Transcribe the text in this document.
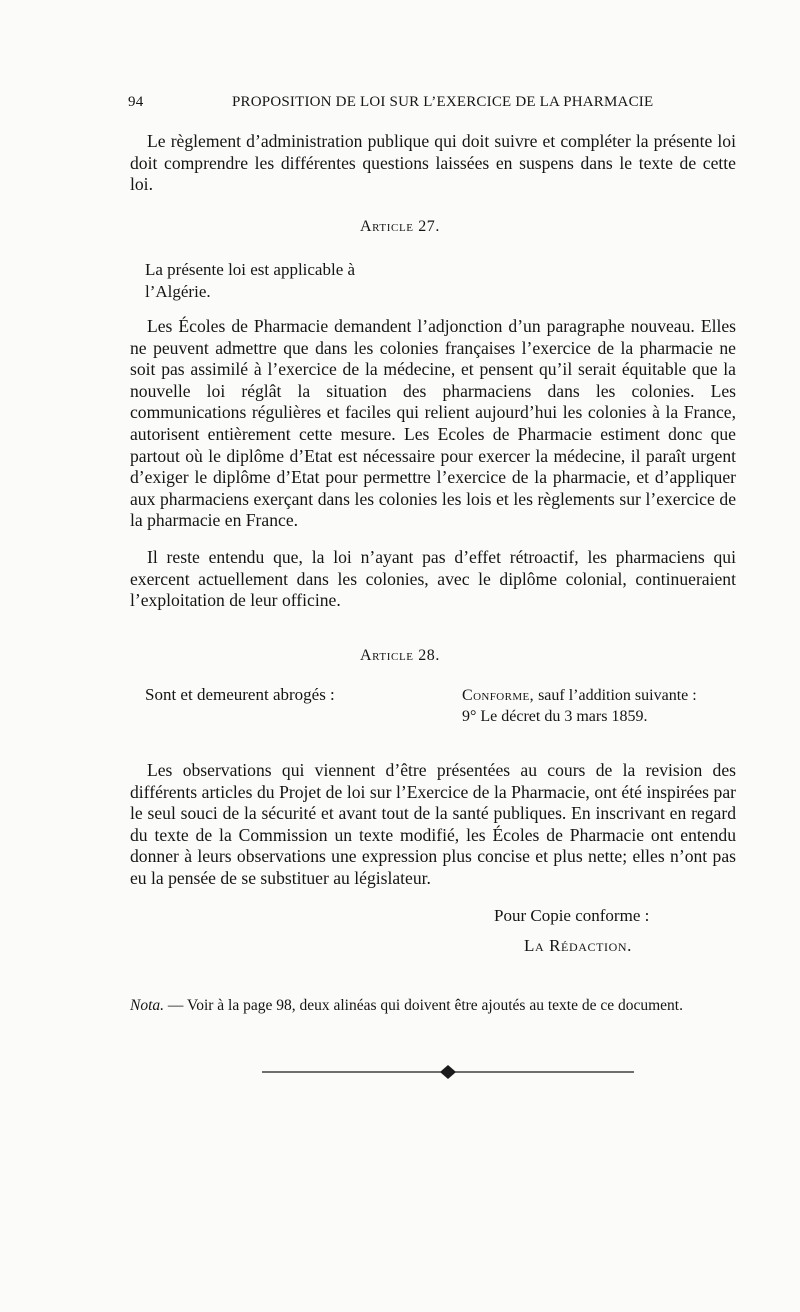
94	PROPOSITION DE LOI SUR L’EXERCICE DE LA PHARMACIE
Le règlement d’administration publique qui doit suivre et compléter la présente loi doit comprendre les différentes questions laissées en suspens dans le texte de cette loi.
Article 27.
La présente loi est applicable à l’Algérie.
Les Écoles de Pharmacie demandent l’adjonction d’un paragraphe nouveau. Elles ne peuvent admettre que dans les colonies françaises l’exercice de la pharmacie ne soit pas assimilé à l’exercice de la médecine, et pensent qu’il serait équitable que la nouvelle loi réglât la situation des pharmaciens dans les colonies. Les communications régulières et faciles qui relient aujourd’hui les colonies à la France, autorisent entièrement cette mesure. Les Ecoles de Pharmacie estiment donc que partout où le diplôme d’Etat est nécessaire pour exercer la médecine, il paraît urgent d’exiger le diplôme d’Etat pour permettre l’exercice de la pharmacie, et d’appliquer aux pharmaciens exerçant dans les colonies les lois et les règlements sur l’exercice de la pharmacie en France.
Il reste entendu que, la loi n’ayant pas d’effet rétroactif, les pharmaciens qui exercent actuellement dans les colonies, avec le diplôme colonial, continueraient l’exploitation de leur officine.
Article 28.
Sont et demeurent abrogés :	Conforme, sauf l’addition suivante :
9° Le décret du 3 mars 1859.
Les observations qui viennent d’être présentées au cours de la revision des différents articles du Projet de loi sur l’Exercice de la Pharmacie, ont été inspirées par le seul souci de la sécurité et avant tout de la santé publiques. En inscrivant en regard du texte de la Commission un texte modifié, les Écoles de Pharmacie ont entendu donner à leurs observations une expression plus concise et plus nette; elles n’ont pas eu la pensée de se substituer au législateur.
Pour Copie conforme :
La Rédaction.
Nota. — Voir à la page 98, deux alinéas qui doivent être ajoutés au texte de ce document.
